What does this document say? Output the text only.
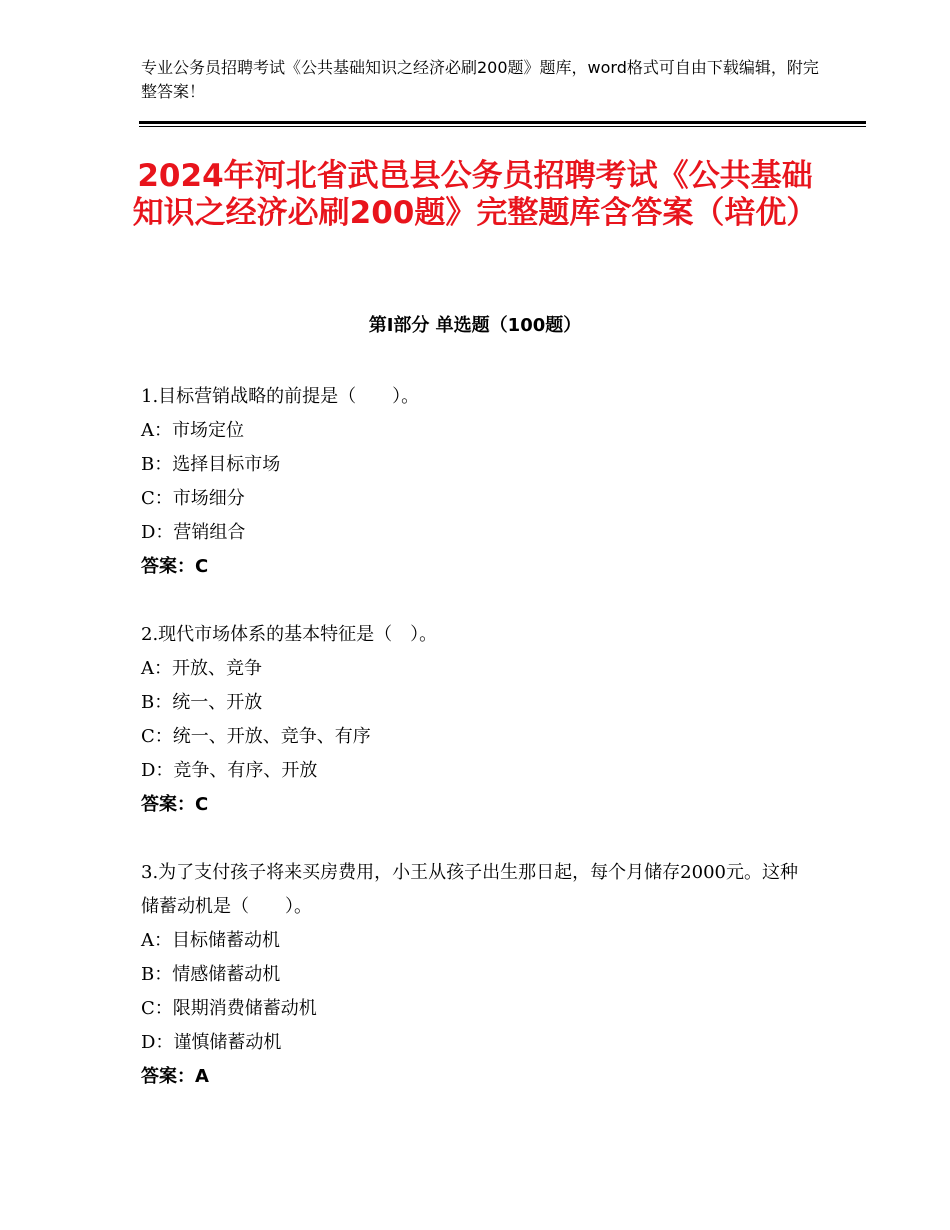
专业公务员招聘考试《公共基础知识之经济必刷200题》题库，word格式可自由下载编辑，附完整答案！
2024年河北省武邑县公务员招聘考试《公共基础知识之经济必刷200题》完整题库含答案（培优）
第Ⅰ部分 单选题（100题）

1.目标营销战略的前提是（　　）。

A：市场定位

B：选择目标市场

C：市场细分

D：营销组合

答案：C

2.现代市场体系的基本特征是（　）。

A：开放、竞争

B：统一、开放

C：统一、开放、竞争、有序

D：竞争、有序、开放

答案：C

3.为了支付孩子将来买房费用，小王从孩子出生那日起，每个月储存2000元。这种储蓄动机是（　　）。

A：目标储蓄动机

B：情感储蓄动机

C：限期消费储蓄动机

D：谨慎储蓄动机

答案：A
